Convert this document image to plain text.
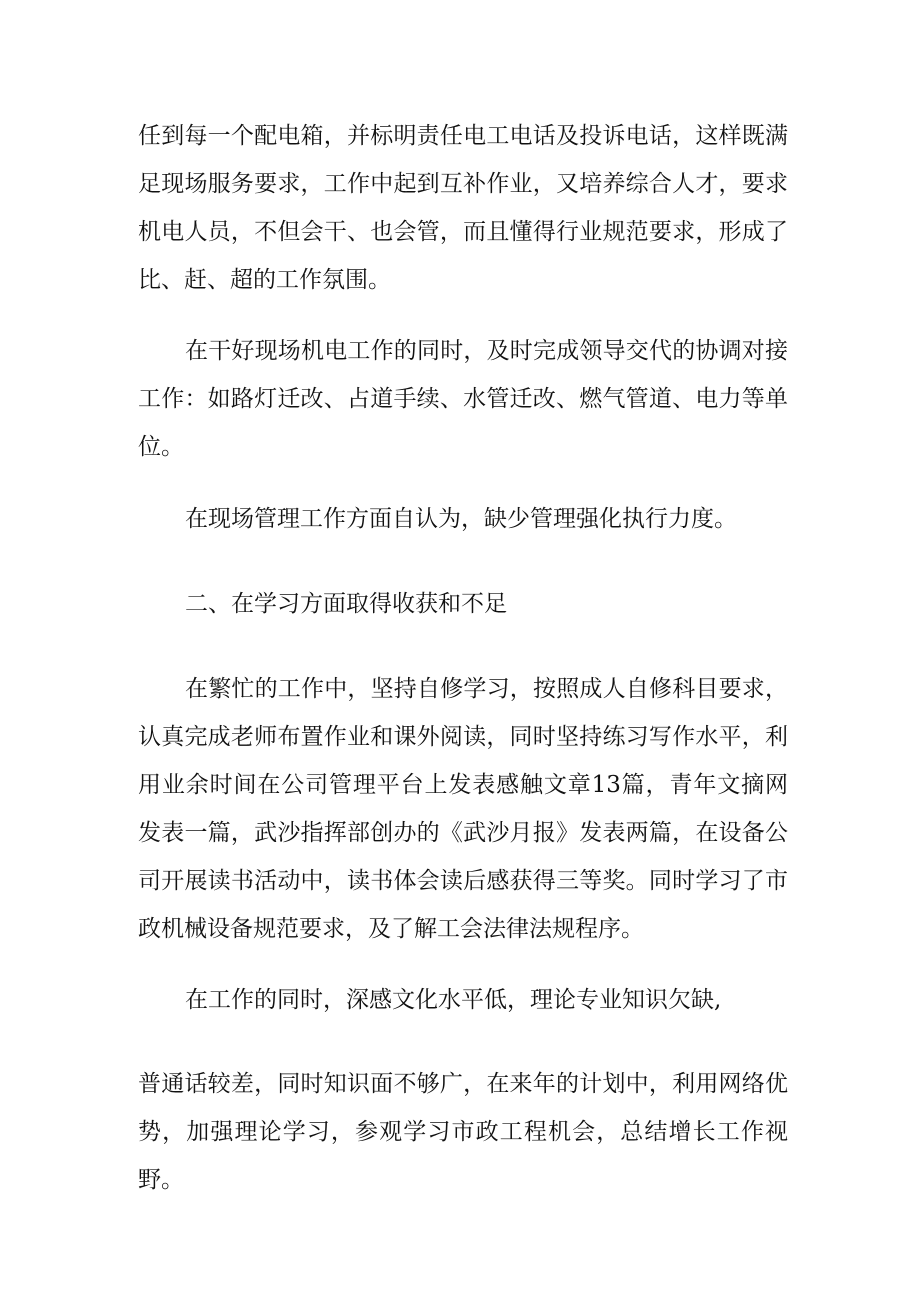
任到每一个配电箱，并标明责任电工电话及投诉电话，这样既满足现场服务要求，工作中起到互补作业，又培养综合人才，要求机电人员，不但会干、也会管，而且懂得行业规范要求，形成了比、赶、超的工作氛围。

在干好现场机电工作的同时，及时完成领导交代的协调对接工作：如路灯迁改、占道手续、水管迁改、燃气管道、电力等单位。

在现场管理工作方面自认为，缺少管理强化执行力度。

二、在学习方面取得收获和不足

在繁忙的工作中，坚持自修学习，按照成人自修科目要求，认真完成老师布置作业和课外阅读，同时坚持练习写作水平，利用业余时间在公司管理平台上发表感触文章13篇，青年文摘网发表一篇，武沙指挥部创办的《武沙月报》发表两篇，在设备公司开展读书活动中，读书体会读后感获得三等奖。同时学习了市政机械设备规范要求，及了解工会法律法规程序。

在工作的同时，深感文化水平低，理论专业知识欠缺,

普通话较差，同时知识面不够广，在来年的计划中，利用网络优势，加强理论学习，参观学习市政工程机会，总结增长工作视野。
